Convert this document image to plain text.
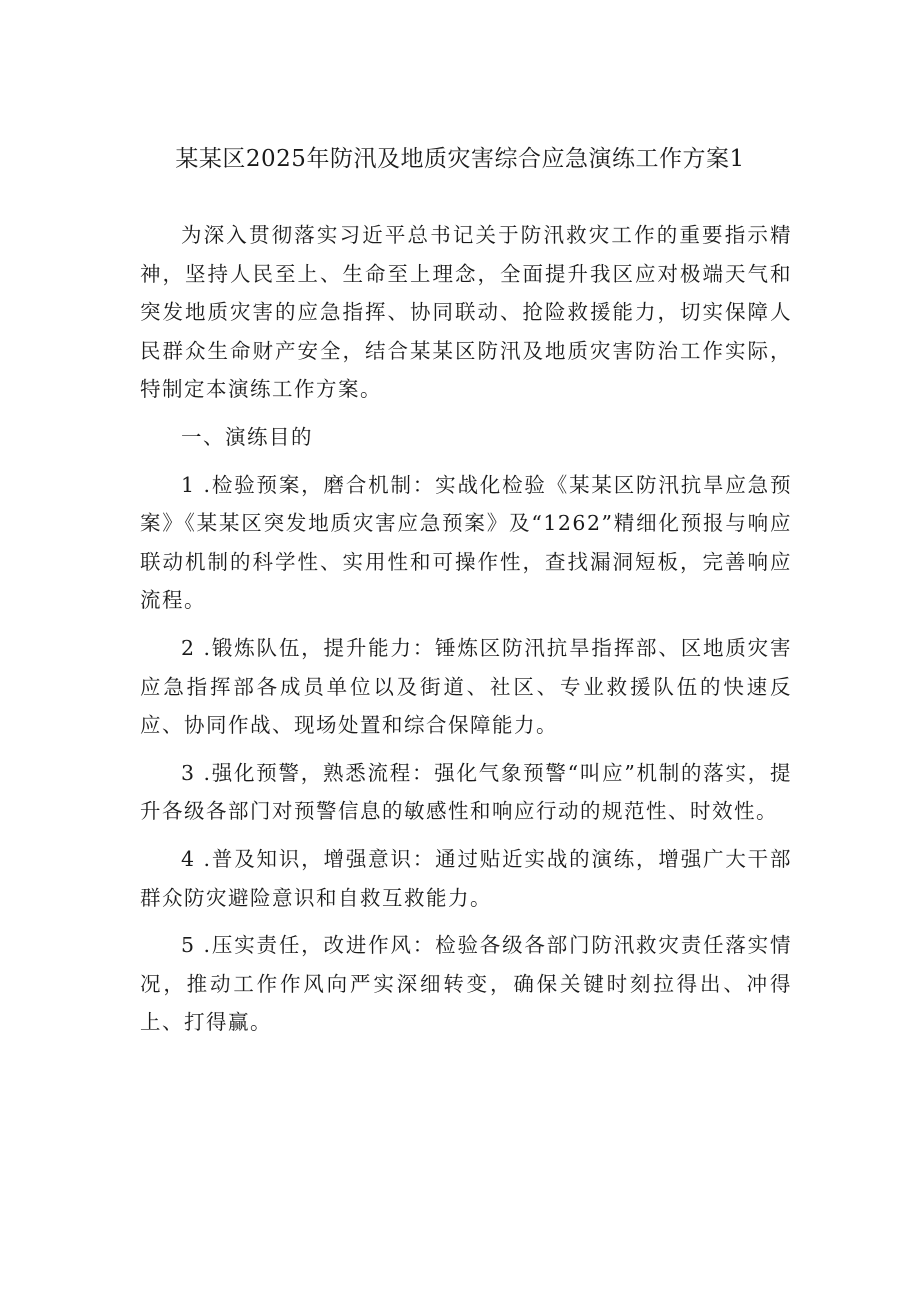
某某区2025年防汛及地质灾害综合应急演练工作方案1

为深入贯彻落实习近平总书记关于防汛救灾工作的重要指示精神，坚持人民至上、生命至上理念，全面提升我区应对极端天气和突发地质灾害的应急指挥、协同联动、抢险救援能力，切实保障人民群众生命财产安全，结合某某区防汛及地质灾害防治工作实际，特制定本演练工作方案。

一、演练目的

1 .检验预案，磨合机制：实战化检验《某某区防汛抗旱应急预案》《某某区突发地质灾害应急预案》及“1262”精细化预报与响应联动机制的科学性、实用性和可操作性，查找漏洞短板，完善响应流程。

2 .锻炼队伍，提升能力：锤炼区防汛抗旱指挥部、区地质灾害应急指挥部各成员单位以及街道、社区、专业救援队伍的快速反应、协同作战、现场处置和综合保障能力。

3 .强化预警，熟悉流程：强化气象预警“叫应”机制的落实，提升各级各部门对预警信息的敏感性和响应行动的规范性、时效性。

4 .普及知识，增强意识：通过贴近实战的演练，增强广大干部群众防灾避险意识和自救互救能力。

5 .压实责任，改进作风：检验各级各部门防汛救灾责任落实情况，推动工作作风向严实深细转变，确保关键时刻拉得出、冲得上、打得赢。
